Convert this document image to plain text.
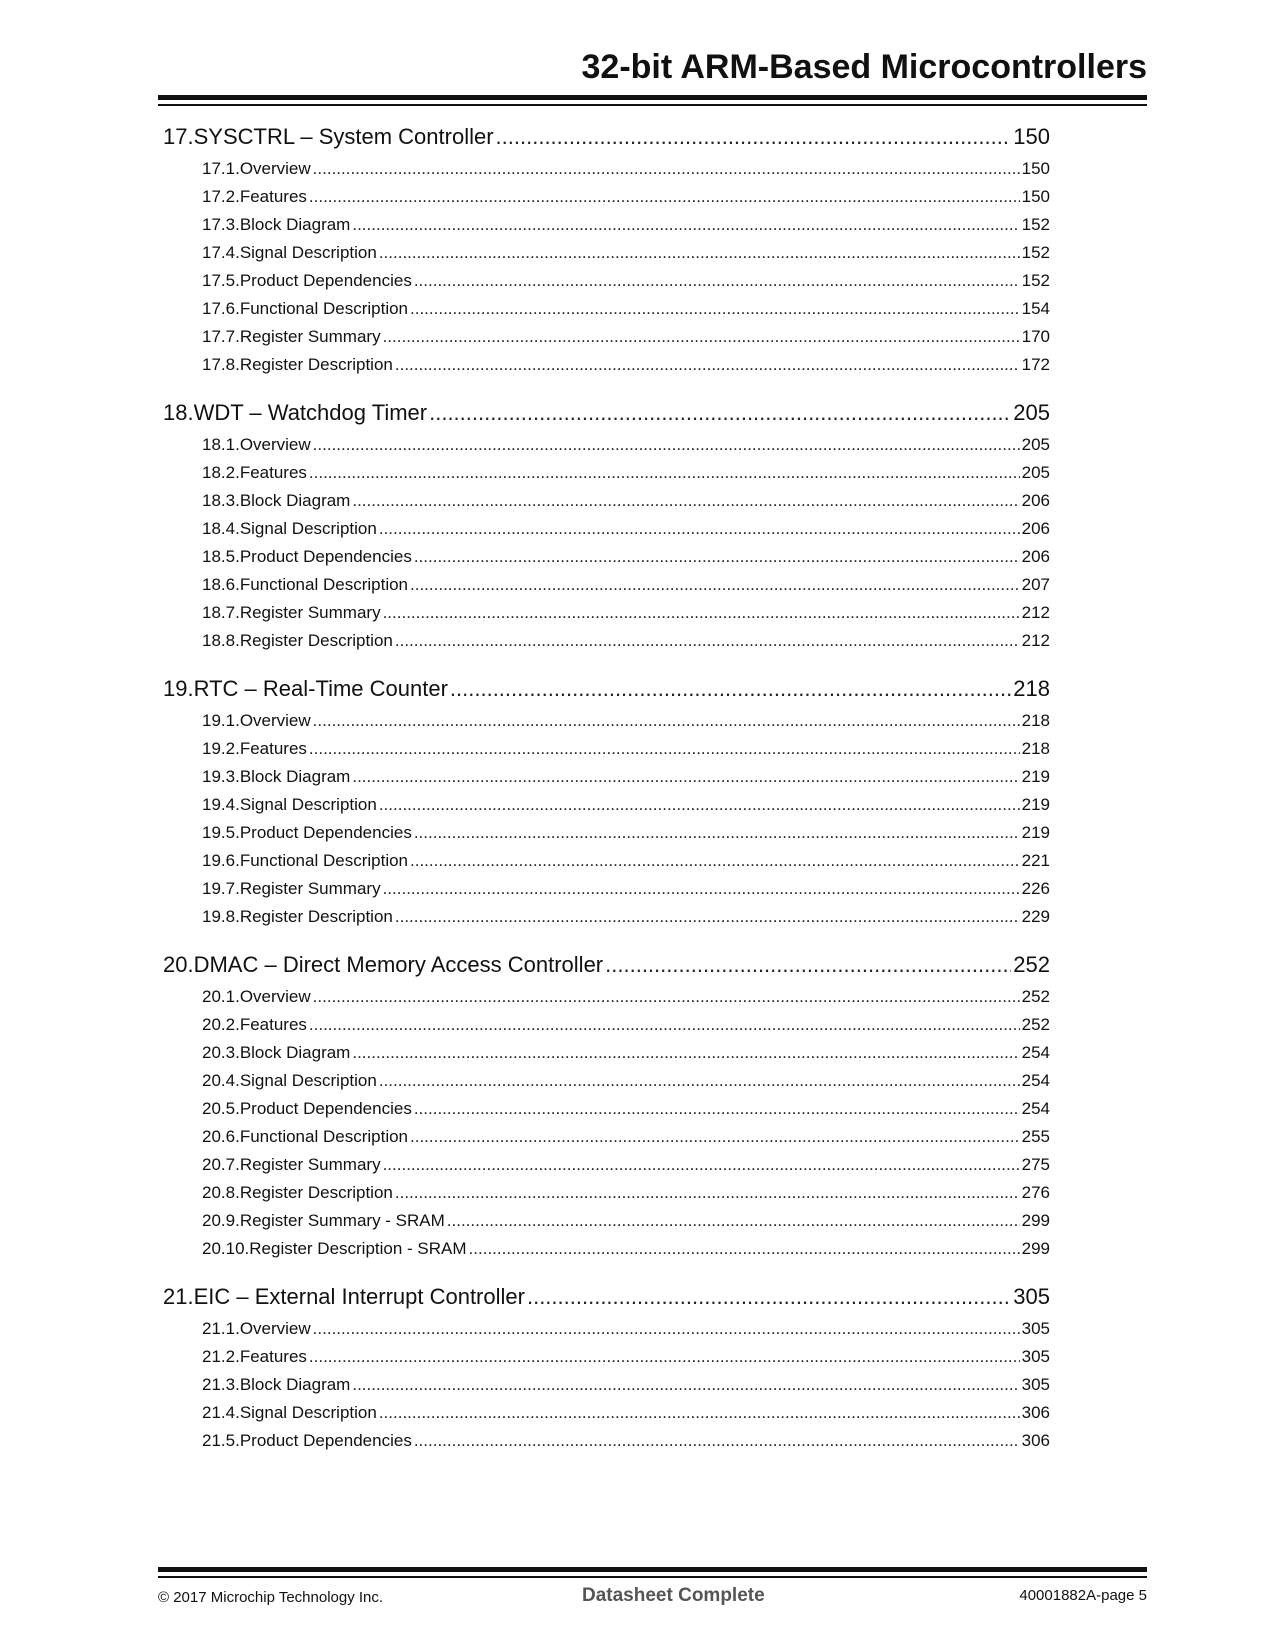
32-bit ARM-Based Microcontrollers
17. SYSCTRL – System Controller .....	150
17.1. Overview .....	150
17.2. Features .....	150
17.3. Block Diagram .....	152
17.4. Signal Description .....	152
17.5. Product Dependencies .....	152
17.6. Functional Description .....	154
17.7. Register Summary .....	170
17.8. Register Description .....	172
18. WDT – Watchdog Timer .....	205
18.1. Overview .....	205
18.2. Features .....	205
18.3. Block Diagram .....	206
18.4. Signal Description .....	206
18.5. Product Dependencies .....	206
18.6. Functional Description .....	207
18.7. Register Summary .....	212
18.8. Register Description .....	212
19. RTC – Real-Time Counter .....	218
19.1. Overview .....	218
19.2. Features .....	218
19.3. Block Diagram .....	219
19.4. Signal Description .....	219
19.5. Product Dependencies .....	219
19.6. Functional Description .....	221
19.7. Register Summary .....	226
19.8. Register Description .....	229
20. DMAC – Direct Memory Access Controller .....	252
20.1. Overview .....	252
20.2. Features .....	252
20.3. Block Diagram .....	254
20.4. Signal Description .....	254
20.5. Product Dependencies .....	254
20.6. Functional Description .....	255
20.7. Register Summary .....	275
20.8. Register Description .....	276
20.9. Register Summary - SRAM .....	299
20.10. Register Description - SRAM .....	299
21. EIC – External Interrupt Controller .....	305
21.1. Overview .....	305
21.2. Features .....	305
21.3. Block Diagram .....	305
21.4. Signal Description .....	306
21.5. Product Dependencies .....	306
© 2017 Microchip Technology Inc.	Datasheet Complete	40001882A-page 5
